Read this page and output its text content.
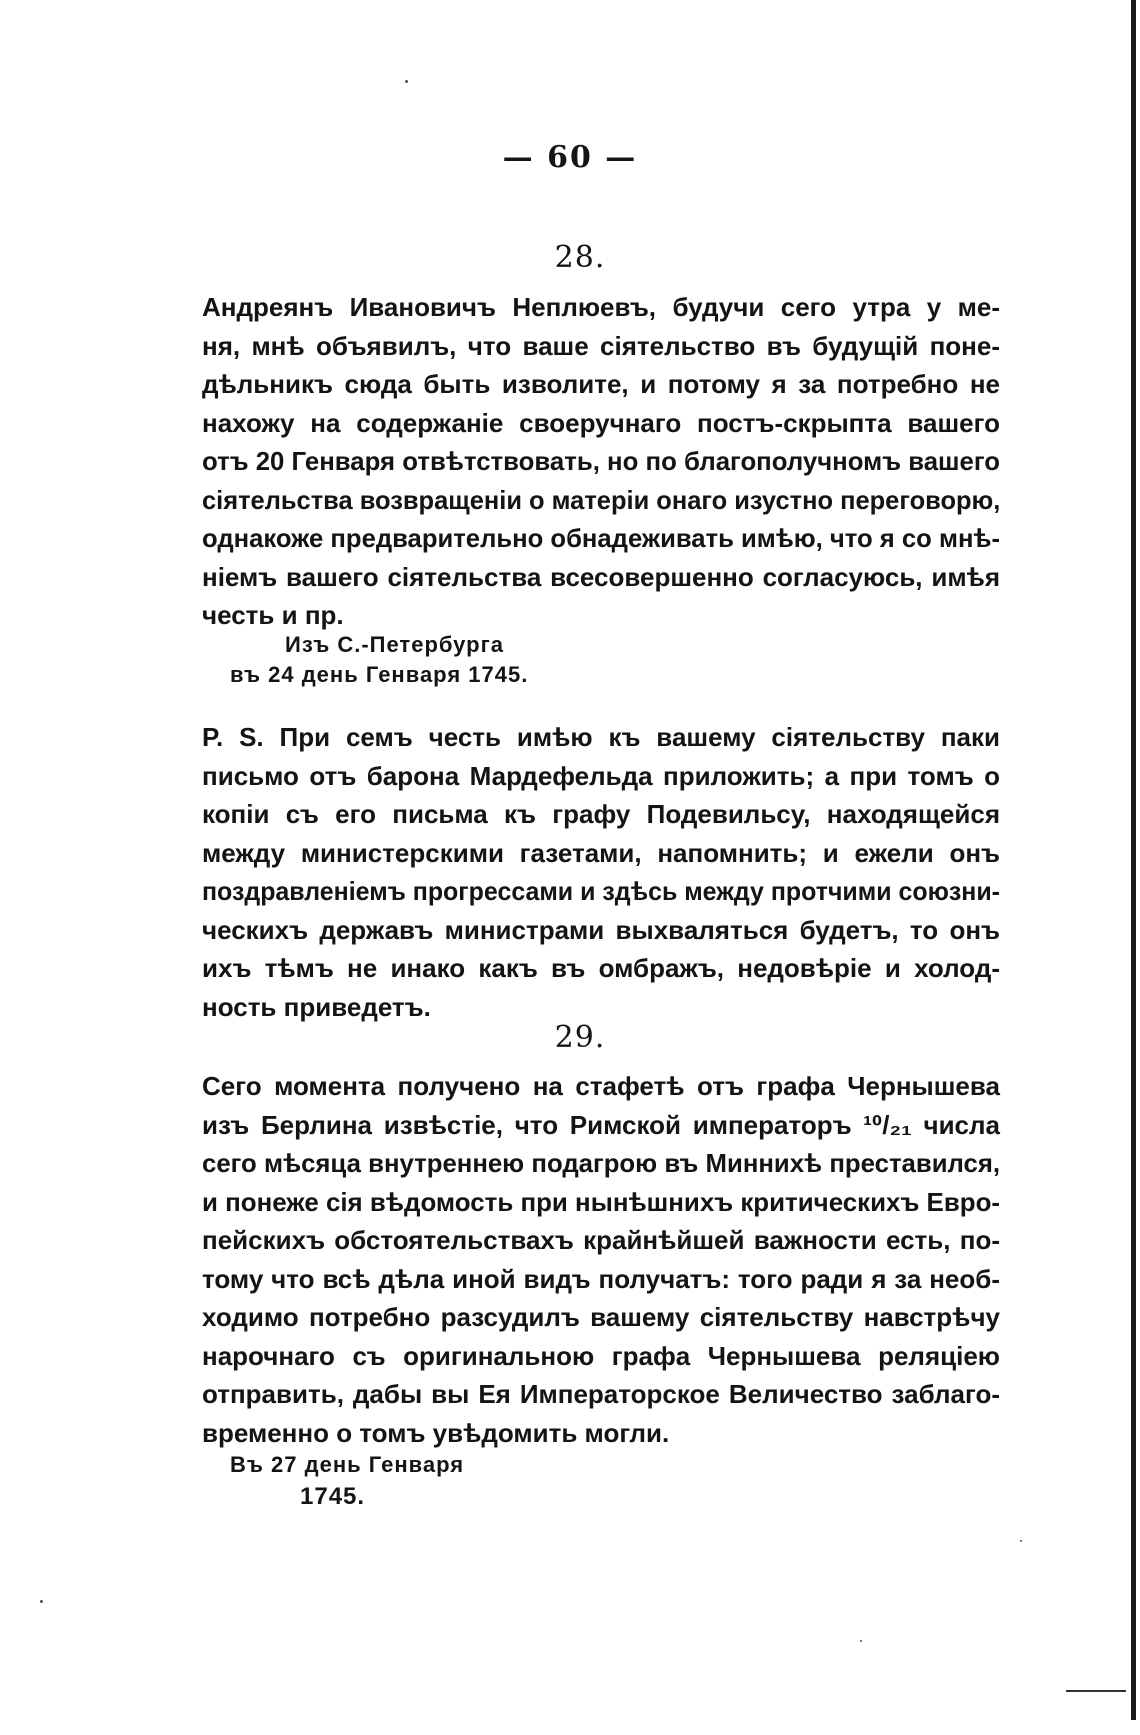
— 60 —
28.
Андреянъ Ивановичъ Неплюевъ, будучи сего утра у ме-
ня, мнѣ объявилъ, что ваше сіятельство въ будущій поне-
дѣльникъ сюда быть изволите, и потому я за потребно не
нахожу на содержаніе своеручнаго постъ-скрыпта вашего
отъ 20 Генваря отвѣтствовать, но по благополучномъ вашего
сіятельства возвращеніи о матеріи онаго изустно переговорю,
однакоже предварительно обнадеживать имѣю, что я со мнѣ-
ніемъ вашего сіятельства всесовершенно согласуюсь, имѣя
честь и пр.
Изъ С.-Петербурга
въ 24 день Генваря 1745.
P. S. При семъ честь имѣю къ вашему сіятельству паки
письмо отъ барона Мардефельда приложить; а при томъ о
копіи съ его письма къ графу Подевильсу, находящейся
между министерскими газетами, напомнить; и ежели онъ
поздравленіемъ прогрессами и здѣсь между протчими союзни-
ческихъ державъ министрами выхваляться будетъ, то онъ
ихъ тѣмъ не инако какъ въ омбражъ, недовѣріе и холод-
ность приведетъ.
29.
Сего момента получено на стафетѣ отъ графа Чернышева
изъ Берлина извѣстіе, что Римской императоръ ¹⁰/₂₁ числа
сего мѣсяца внутреннею подагрою въ Миннихѣ преставился,
и понеже сія вѣдомость при нынѣшнихъ критическихъ Евро-
пейскихъ обстоятельствахъ крайнѣйшей важности есть, по-
тому что всѣ дѣла иной видъ получатъ: того ради я за необ-
ходимо потребно разсудилъ вашему сіятельству навстрѣчу
нарочнаго съ оригинальною графа Чернышева реляціею
отправить, дабы вы Ея Императорское Величество заблаго-
временно о томъ увѣдомить могли.
Въ 27 день Генваря
1745.
